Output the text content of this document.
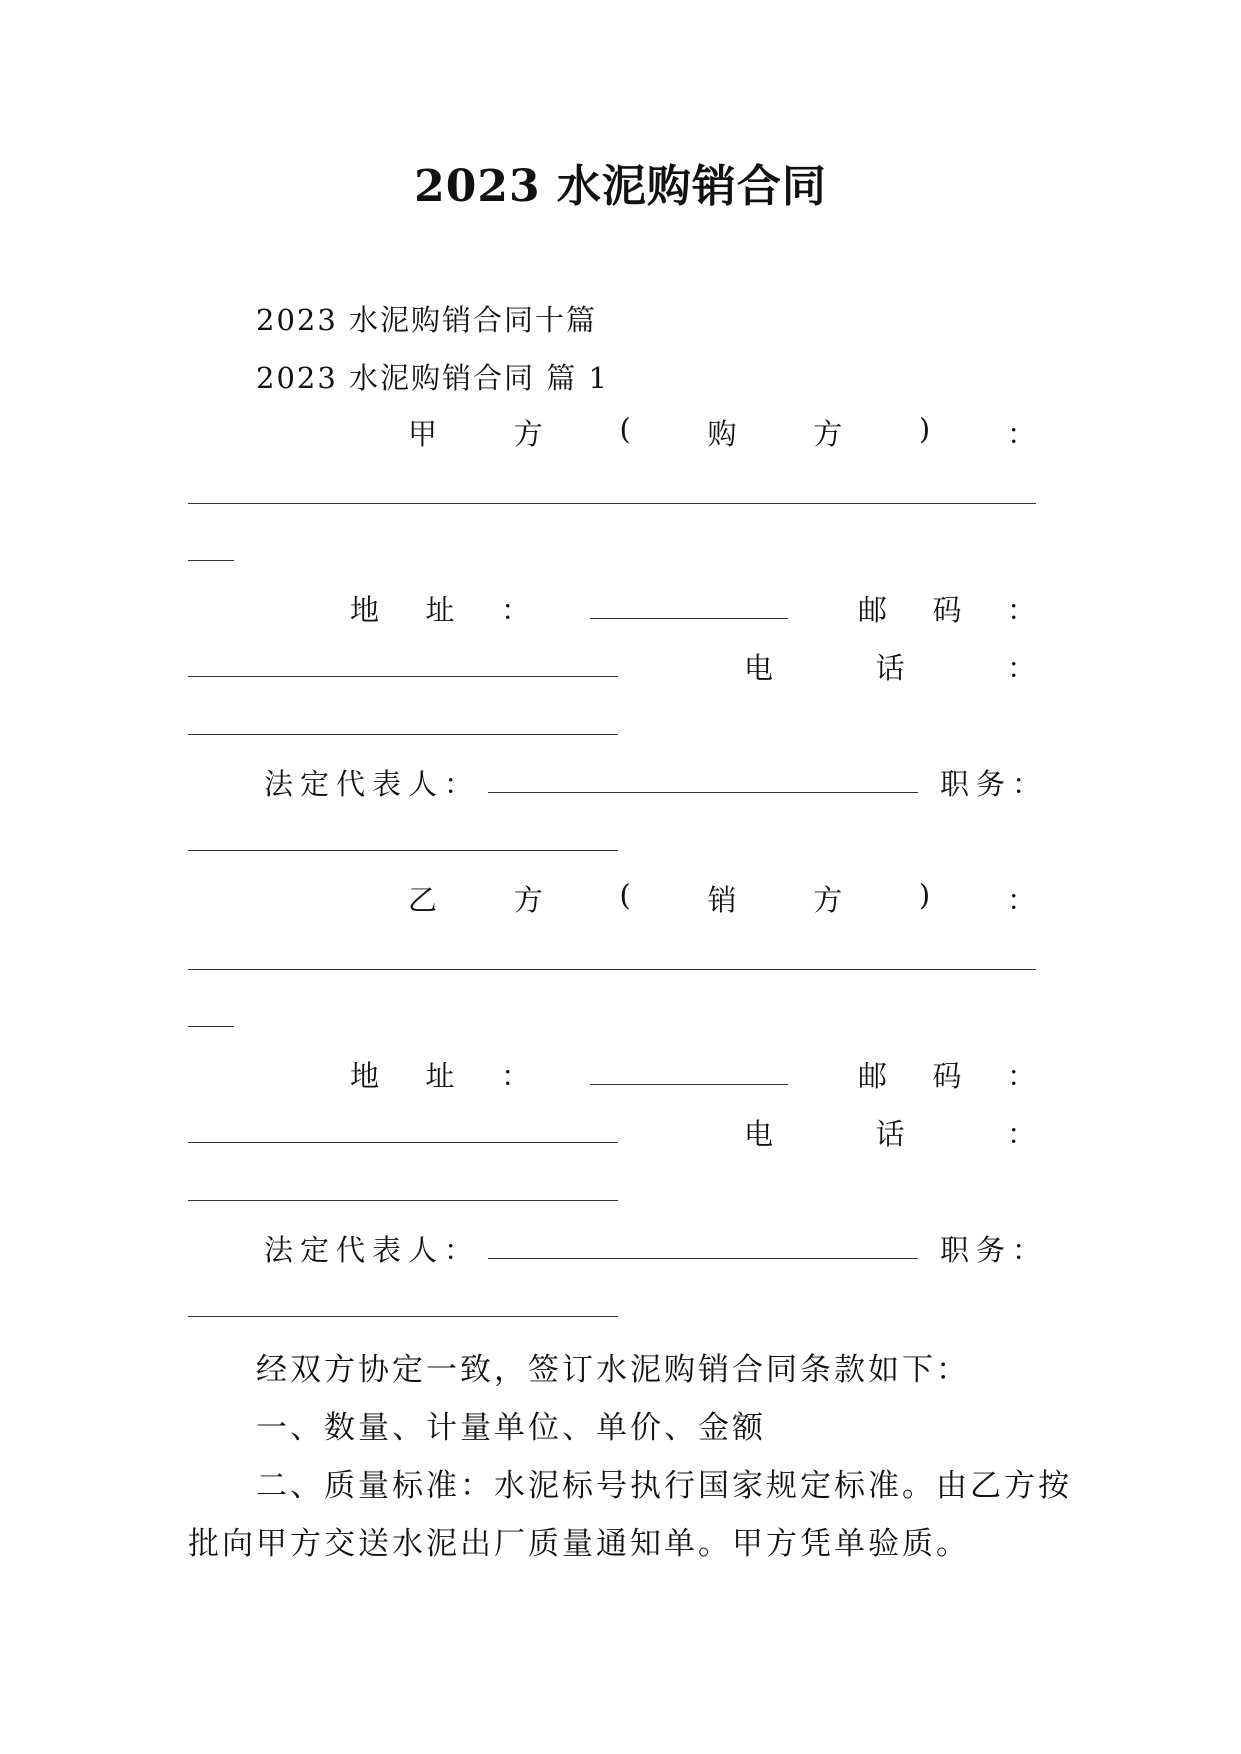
2023 水泥购销合同
2023 水泥购销合同十篇
2023 水泥购销合同 篇 1
甲	方	(	购	方	)	：
地 址 ：	邮 码 ：
电	话	：
法定代表人：	职务：
乙	方	(	销	方	)	：
地 址 ：	邮 码 ：
电	话	：
法定代表人：	职务：
经双方协定一致，签订水泥购销合同条款如下：
一、数量、计量单位、单价、金额
二、质量标准：水泥标号执行国家规定标准。由乙方按
批向甲方交送水泥出厂质量通知单。甲方凭单验质。
